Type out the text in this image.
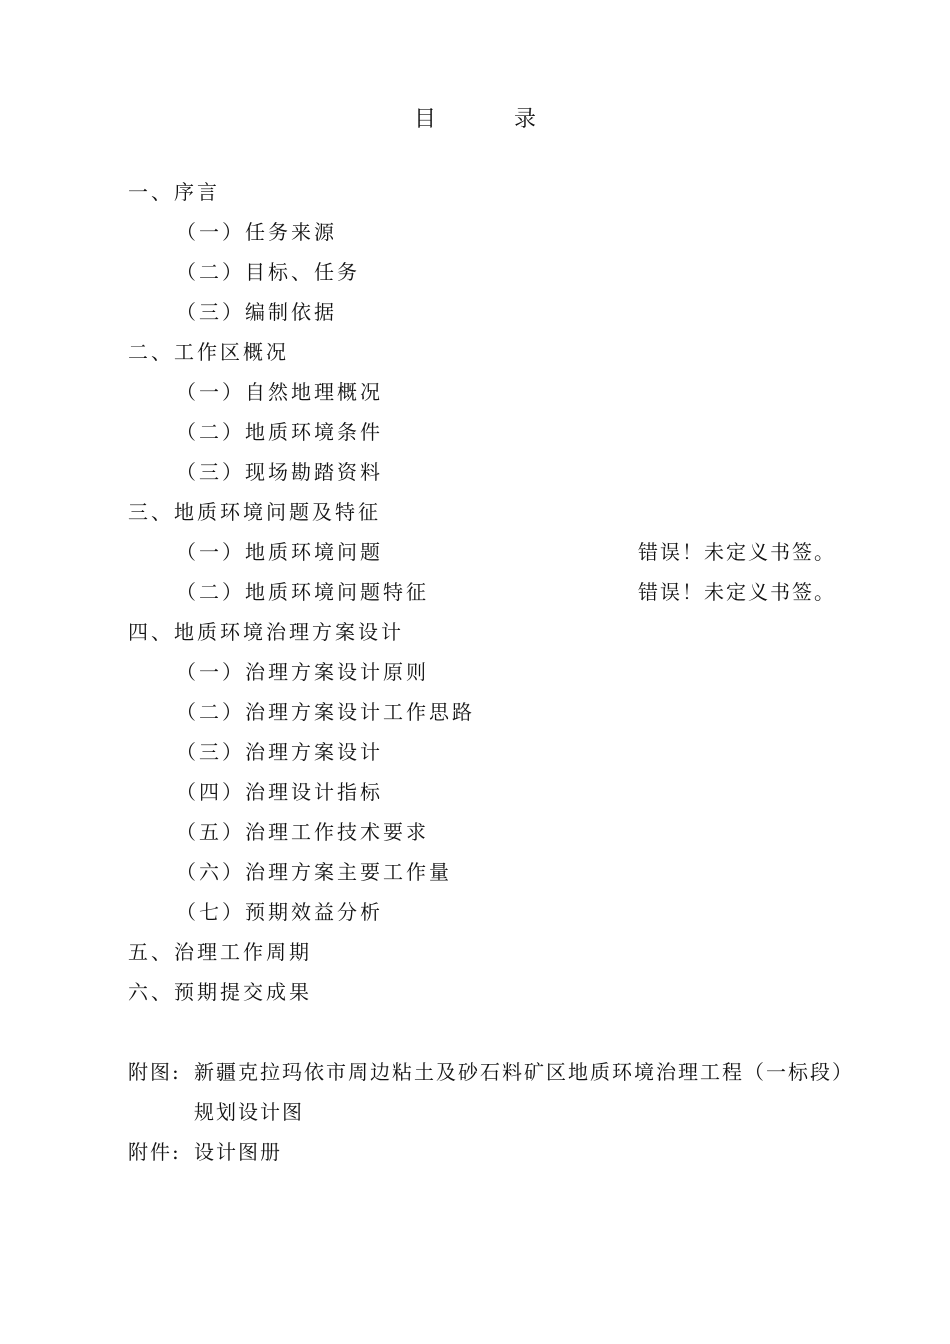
目　录
一、序言
（一）任务来源
（二）目标、任务
（三）编制依据
二、工作区概况
（一）自然地理概况
（二）地质环境条件
（三）现场勘踏资料
三、地质环境问题及特征
（一）地质环境问题	错误！未定义书签。
（二）地质环境问题特征	错误！未定义书签。
四、地质环境治理方案设计
（一）治理方案设计原则
（二）治理方案设计工作思路
（三）治理方案设计
（四）治理设计指标
（五）治理工作技术要求
（六）治理方案主要工作量
（七）预期效益分析
五、治理工作周期
六、预期提交成果
附图: 新疆克拉玛依市周边粘土及砂石料矿区地质环境治理工程（一标段）
规划设计图
附件: 设计图册
